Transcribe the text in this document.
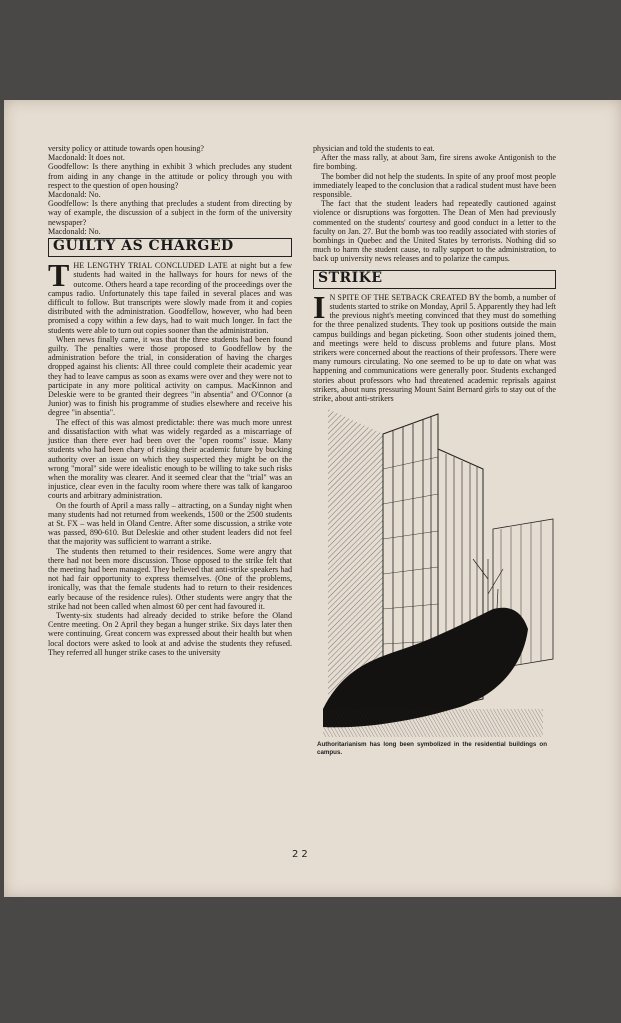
versity policy or attitude towards open housing?

Macdonald: It does not.

Goodfellow: Is there anything in exhibit 3 which precludes any student from aiding in any change in the attitude or policy through you with respect to the question of open housing?

Macdonald: No.

Goodfellow: Is there anything that precludes a student from directing by way of example, the discussion of a subject in the form of the university newspaper?

Macdonald: No.

GUILTY AS CHARGED

THE LENGTHY TRIAL CONCLUDED LATE at night but a few students had waited in the hallways for hours for news of the outcome. Others heard a tape recording of the proceedings over the campus radio. Unfortunately this tape failed in several places and was difficult to follow. But transcripts were slowly made from it and copies distributed with the administration. Goodfellow, however, who had been promised a copy within a few days, had to wait much longer. In fact the students were able to turn out copies sooner than the administration.

When news finally came, it was that the three students had been found guilty. The penalties were those proposed to Goodfellow by the administration before the trial, in consideration of having the charges dropped against his clients: All three could complete their academic year they had to leave campus as soon as exams were over and they were not to participate in any more political activity on campus. MacKinnon and Deleskie were to be granted their degrees "in absentia" and O'Connor (a Junior) was to finish his programme of studies elsewhere and receive his degree "in absentia".

The effect of this was almost predictable: there was much more unrest and dissatisfaction with what was widely regarded as a miscarriage of justice than there ever had been over the "open rooms" issue. Many students who had been chary of risking their academic future by bucking authority over an issue on which they suspected they might be on the wrong "moral" side were idealistic enough to be willing to take such risks when the morality was clearer. And it seemed clear that the "trial" was an injustice, clear even in the faculty room where there was talk of kangaroo courts and arbitrary administration.

On the fourth of April a mass rally – attracting, on a Sunday night when many students had not returned from weekends, 1500 or the 2500 students at St. FX – was held in Oland Centre. After some discussion, a strike vote was passed, 890-610. But Deleskie and other student leaders did not feel that the majority was sufficient to warrant a strike.

The students then returned to their residences. Some were angry that there had not been more discussion. Those opposed to the strike felt that the meeting had been managed. They believed that anti-strike speakers had not had fair opportunity to express themselves. (One of the problems, ironically, was that the female students had to return to their residences early because of the residence rules). Other students were angry that the strike had not been called when almost 60 per cent had favoured it.

Twenty-six students had already decided to strike before the Oland Centre meeting. On 2 April they began a hunger strike. Six days later then were continuing. Great concern was expressed about their health but when local doctors were asked to look at and advise the students they refused. They referred all hunger strike cases to the university

physician and told the students to eat.

After the mass rally, at about 3am, fire sirens awoke Antigonish to the fire bombing.

The bomber did not help the students. In spite of any proof most people immediately leaped to the conclusion that a radical student must have been responsible.

The fact that the student leaders had repeatedly cautioned against violence or disruptions was forgotten. The Dean of Men had previously commented on the students' courtesy and good conduct in a letter to the faculty on Jan. 27. But the bomb was too readily associated with stories of bombings in Quebec and the United States by terrorists. Nothing did so much to harm the student cause, to rally support to the administration, to back up university news releases and to polarize the campus.

STRIKE

I N SPITE OF THE SETBACK CREATED BY the bomb, a number of students started to strike on Monday, April 5. Apparently they had left the previous night's meeting convinced that they must do something for the three penalized students. They took up positions outside the main campus buildings and began picketing. Soon other students joined them, and meetings were held to discuss problems and future plans. Most strikers were concerned about the reactions of their professors. There were many rumours circulating. No one seemed to be up to date on what was happening and communications were generally poor. Students exchanged stories about professors who had threatened academic reprisals against strikers, about nuns pressuring Mount Saint Bernard girls to stay out of the strike, about anti-strikers

Authoritarianism has long been symbolized in the residential buildings on campus.
22
